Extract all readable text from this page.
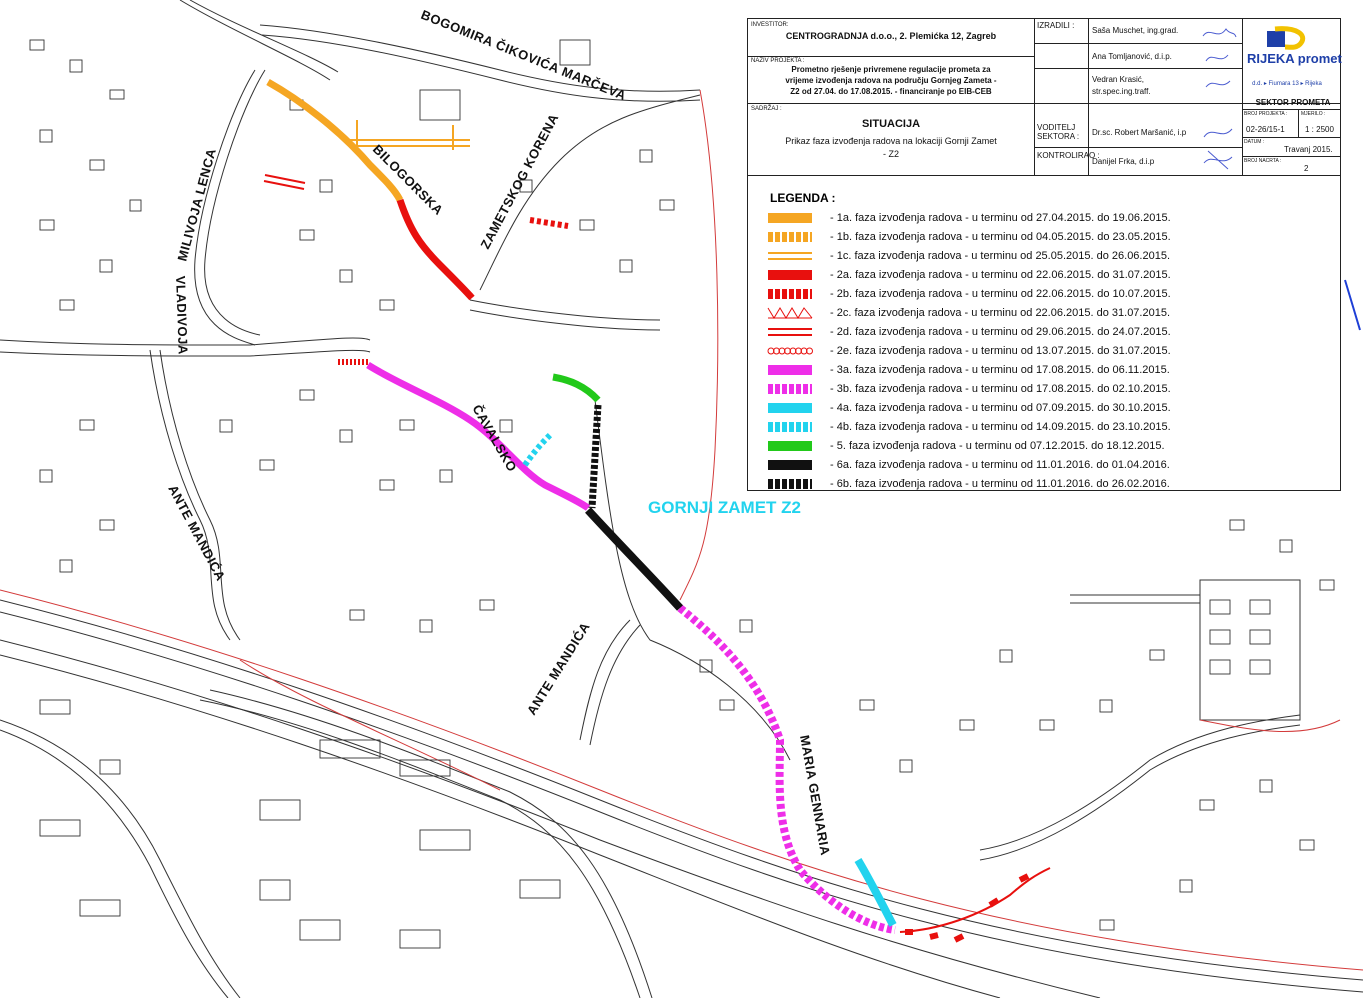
BOGOMIRA ČIKOVIĆA MARČEVA
BILOGORSKA ZAMETSKOG KORENA
MILIVOJA LENCA
VLADIVOJA
ČAVALSKO
ANTE MANDIĆA
ANTE MANDIĆA
MARIA GENNARIA
GORNJI ZAMET Z2
INVESTITOR:
CENTROGRADNJA d.o.o., 2. Plemićka 12, Zagreb
NAZIV PROJEKTA :
Prometno rješenje privremene regulacije prometa za
vrijeme izvođenja radova na području Gornjeg Zameta -
Z2 od 27.04. do 17.08.2015. - financiranje po EIB-CEB
SADRŽAJ :
SITUACIJA
Prikaz faza izvođenja radova na lokaciji Gornji Zamet
- Z2
IZRADILI :
Saša Muschet, ing.grad.
Ana Tomljanović, d.i.p.
Vedran Krasić,
str.spec.ing.traff.
VODITELJ SEKTORA :	Dr.sc. Robert Maršanić, i.p
KONTROLIRAO :
Danijel Frka, d.i.p
RIJEKA promet
d.d. ▸ Fiumara 13 ▸ Rijeka
SEKTOR PROMETA
BROJ PROJEKTA :
02-26/15-1
MJERILO :
1 : 2500
DATUM :
Travanj 2015.
BROJ NACRTA :
2
LEGENDA :
- 1a. faza izvođenja radova - u terminu od 27.04.2015. do 19.06.2015.
- 1b. faza izvođenja radova - u terminu od 04.05.2015. do 23.05.2015.
- 1c. faza izvođenja radova - u terminu od 25.05.2015. do 26.06.2015.
- 2a. faza izvođenja radova - u terminu od 22.06.2015. do 31.07.2015.
- 2b. faza izvođenja radova - u terminu od 22.06.2015. do 10.07.2015.
- 2c. faza izvođenja radova - u terminu od 22.06.2015. do 31.07.2015.
- 2d. faza izvođenja radova - u terminu od 29.06.2015. do 24.07.2015.
- 2e. faza izvođenja radova - u terminu od 13.07.2015. do 31.07.2015.
- 3a. faza izvođenja radova - u terminu od 17.08.2015. do 06.11.2015.
- 3b. faza izvođenja radova - u terminu od 17.08.2015. do 02.10.2015.
- 4a. faza izvođenja radova - u terminu od 07.09.2015. do 30.10.2015.
- 4b. faza izvođenja radova - u terminu od 14.09.2015. do 23.10.2015.
- 5. faza izvođenja radova - u terminu od 07.12.2015. do 18.12.2015.
- 6a. faza izvođenja radova - u terminu od 11.01.2016. do 01.04.2016.
- 6b. faza izvođenja radova - u terminu od 11.01.2016. do 26.02.2016.
